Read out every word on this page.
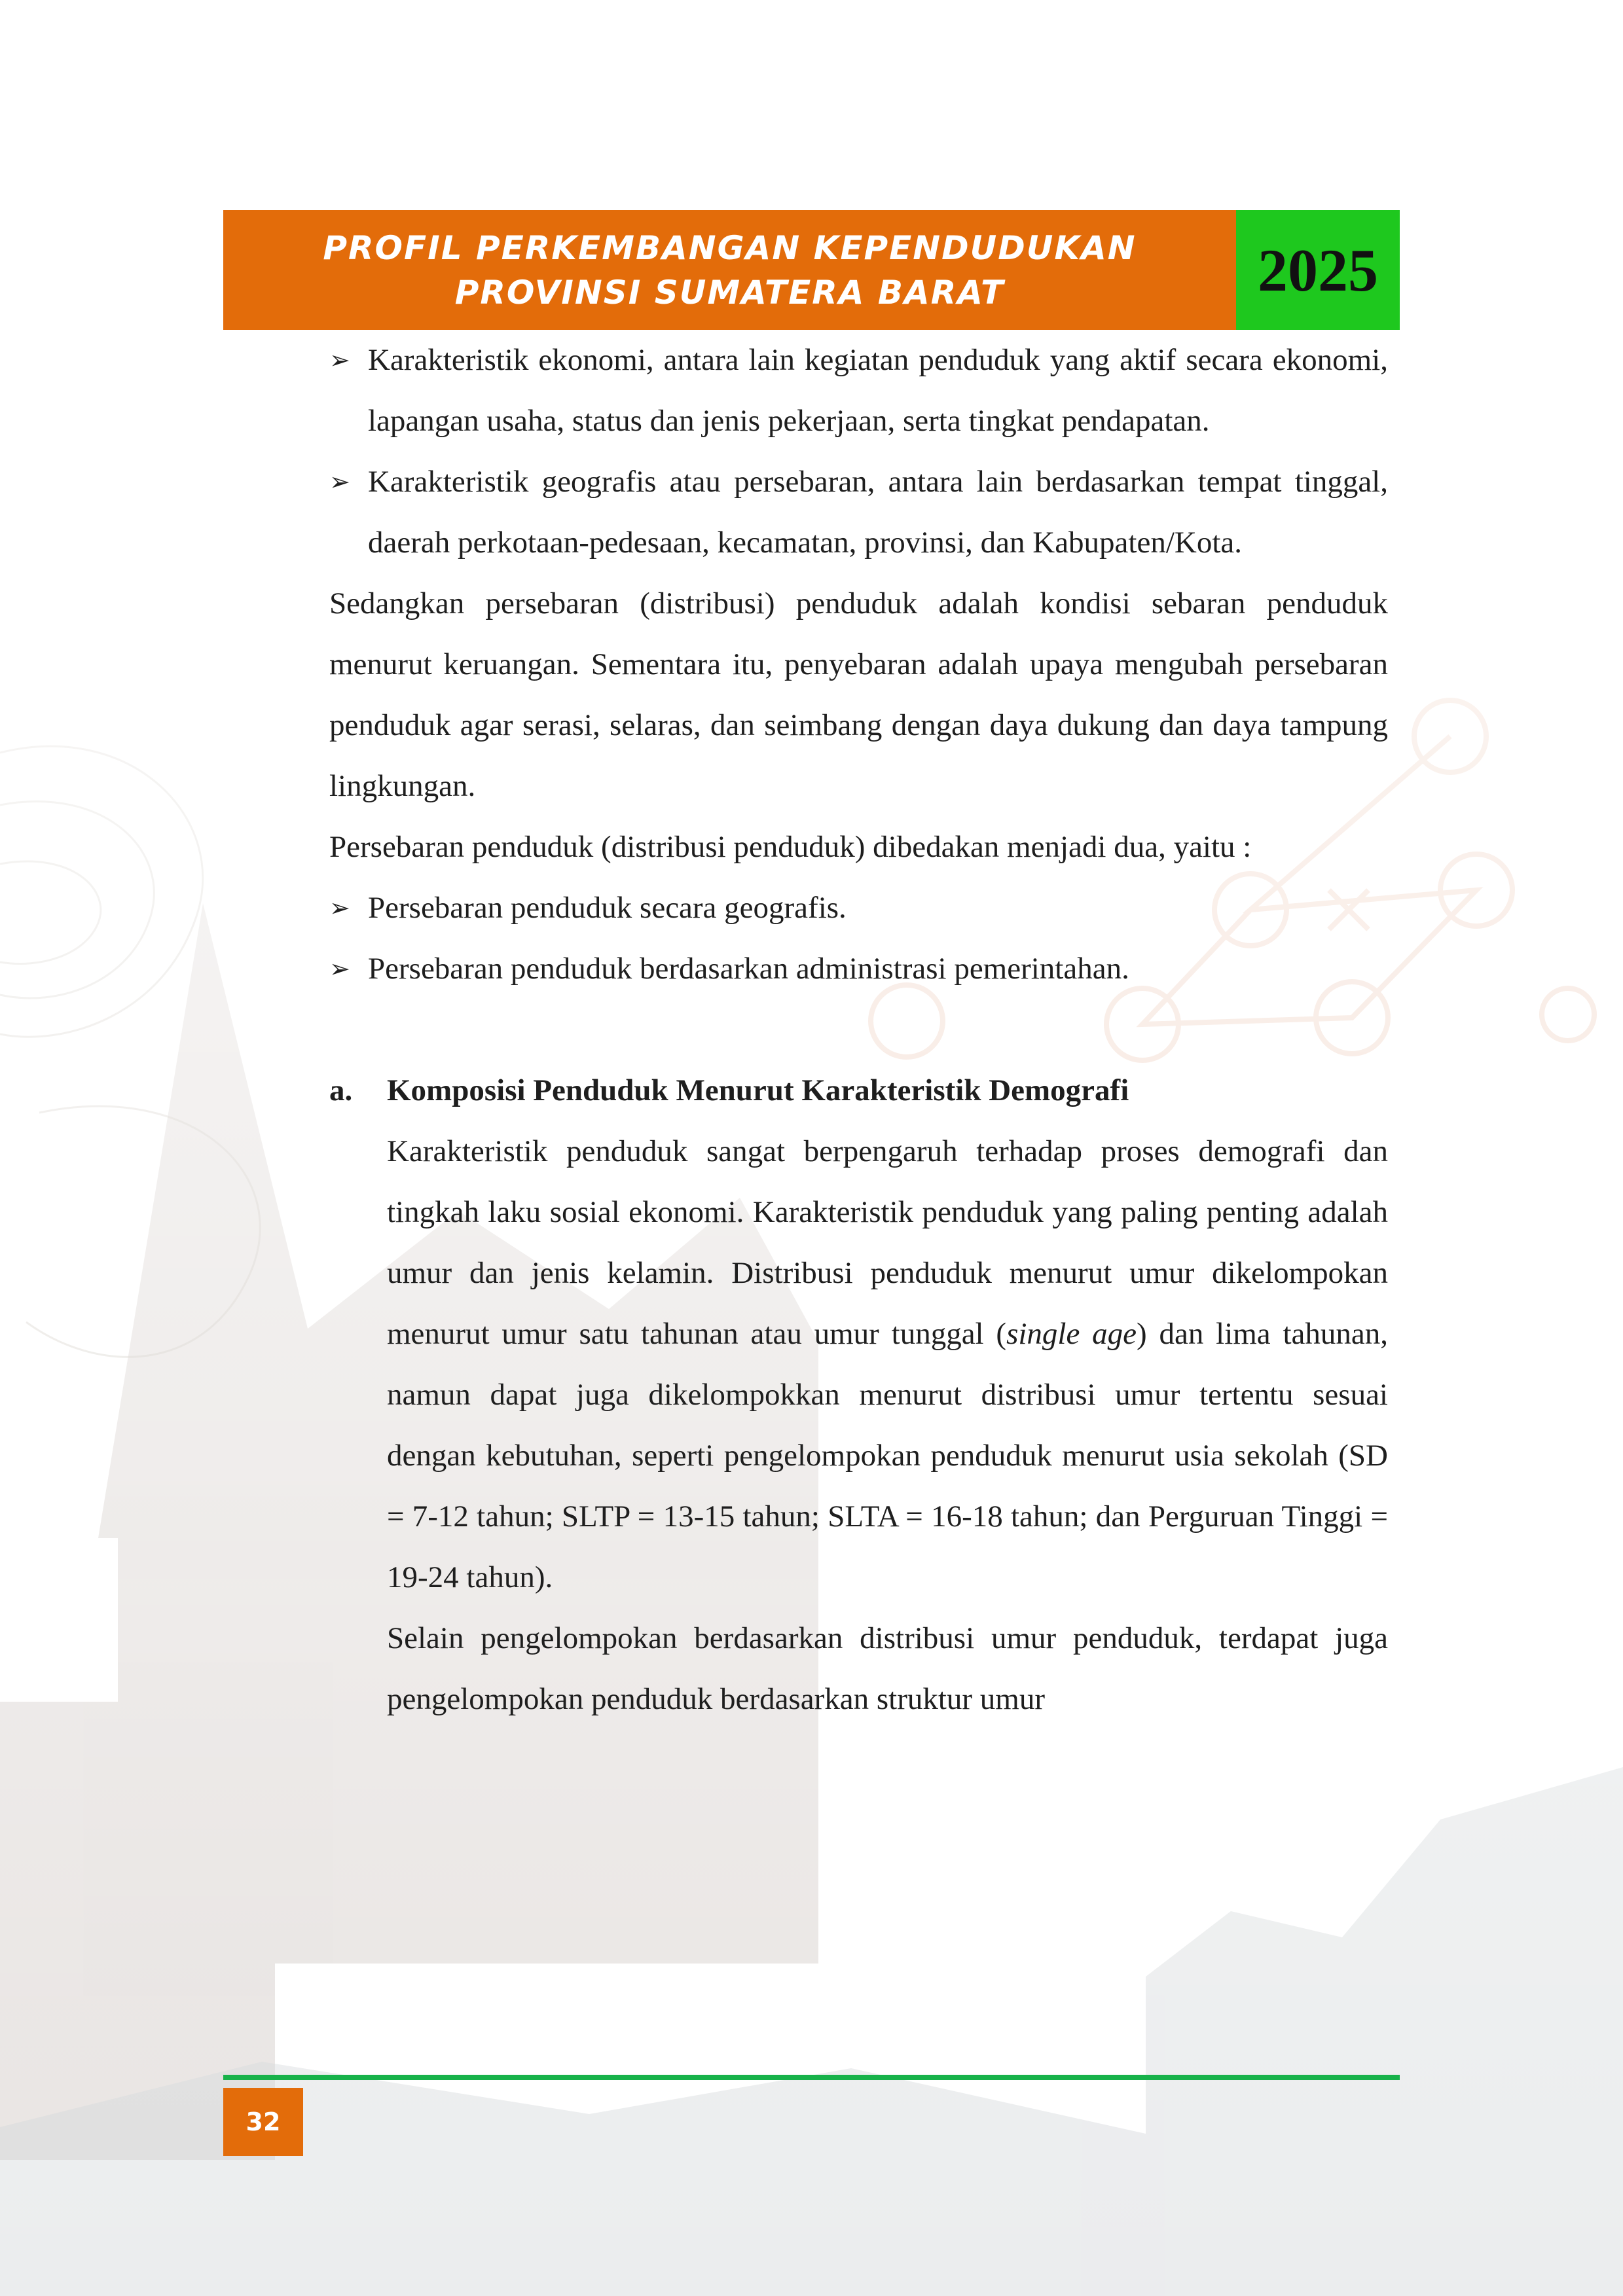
PROFIL PERKEMBANGAN KEPENDUDUKAN
PROVINSI SUMATERA BARAT	2025
➢ Karakteristik ekonomi, antara lain kegiatan penduduk yang aktif secara ekonomi, lapangan usaha, status dan jenis pekerjaan, serta tingkat pendapatan.
➢ Karakteristik geografis atau persebaran, antara lain berdasarkan tempat tinggal, daerah perkotaan-pedesaan, kecamatan, provinsi, dan Kabupaten/Kota.
Sedangkan persebaran (distribusi) penduduk adalah kondisi sebaran penduduk menurut keruangan. Sementara itu, penyebaran adalah upaya mengubah persebaran penduduk agar serasi, selaras, dan seimbang dengan daya dukung dan daya tampung lingkungan.
Persebaran penduduk (distribusi penduduk) dibedakan menjadi dua, yaitu :
➢ Persebaran penduduk secara geografis.
➢ Persebaran penduduk berdasarkan administrasi pemerintahan.
a. Komposisi Penduduk Menurut Karakteristik Demografi
Karakteristik penduduk sangat berpengaruh terhadap proses demografi dan tingkah laku sosial ekonomi. Karakteristik penduduk yang paling penting adalah umur dan jenis kelamin. Distribusi penduduk menurut umur dikelompokan menurut umur satu tahunan atau umur tunggal (single age) dan lima tahunan, namun dapat juga dikelompokkan menurut distribusi umur tertentu sesuai dengan kebutuhan, seperti pengelompokan penduduk menurut usia sekolah (SD = 7-12 tahun; SLTP = 13-15 tahun; SLTA = 16-18 tahun; dan Perguruan Tinggi = 19-24 tahun).
Selain pengelompokan berdasarkan distribusi umur penduduk, terdapat juga pengelompokan penduduk berdasarkan struktur umur
32
